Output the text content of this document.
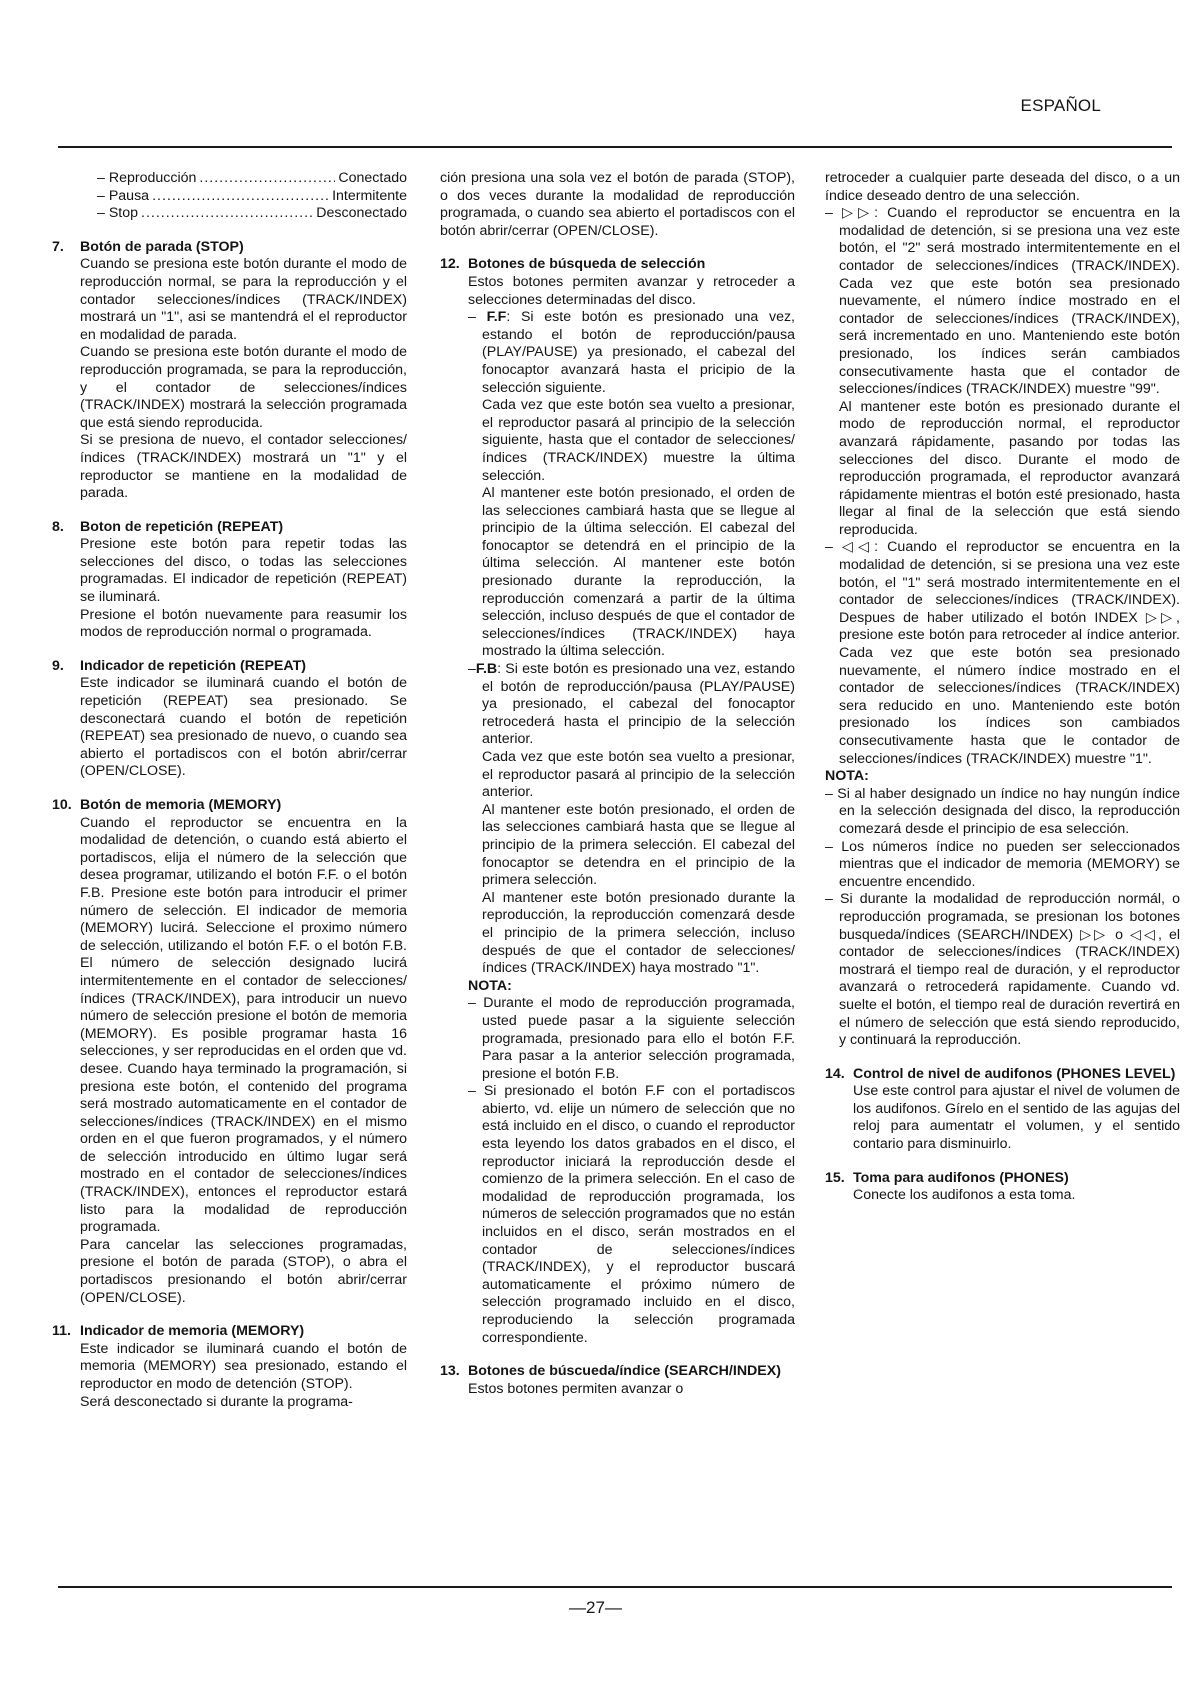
ESPAÑOL
– Reproducción .....	Conectado
– Pausa .....	Intermitente
– Stop .....	Desconectado
7. Botón de parada (STOP)

Cuando se presiona este botón durante el modo de reproducción normal, se para la reproducción y el contador selecciones/índices (TRACK/INDEX) mostrará un "1", asi se mantendrá el el reproductor en modalidad de parada.

Cuando se presiona este botón durante el modo de reproducción programada, se para la reproducción, y el contador de selecciones/índices (TRACK/INDEX) mostrará la selección programada que está siendo reproducida.

Si se presiona de nuevo, el contador selecciones/índices (TRACK/INDEX) mostrará un "1" y el reproductor se mantiene en la modalidad de parada.

8. Boton de repetición (REPEAT)

Presione este botón para repetir todas las selecciones del disco, o todas las selecciones programadas. El indicador de repetición (REPEAT) se iluminará.

Presione el botón nuevamente para reasumir los modos de reproducción normal o programada.

9. Indicador de repetición (REPEAT)

Este indicador se iluminará cuando el botón de repetición (REPEAT) sea presionado. Se desconectará cuando el botón de repetición (REPEAT) sea presionado de nuevo, o cuando sea abierto el portadiscos con el botón abrir/cerrar (OPEN/CLOSE).

10. Botón de memoria (MEMORY)

Cuando el reproductor se encuentra en la modalidad de detención, o cuando está abierto el portadiscos, elija el número de la selección que desea programar, utilizando el botón F.F. o el botón F.B. Presione este botón para introducir el primer número de selección. El indicador de memoria (MEMORY) lucirá. Seleccione el proximo número de selección, utilizando el botón F.F. o el botón F.B. El número de selección designado lucirá intermitentemente en el contador de selecciones/índices (TRACK/INDEX), para introducir un nuevo número de selección presione el botón de memoria (MEMORY). Es posible programar hasta 16 selecciones, y ser reproducidas en el orden que vd. desee. Cuando haya terminado la programación, si presiona este botón, el contenido del programa será mostrado automaticamente en el contador de selecciones/índices (TRACK/INDEX) en el mismo orden en el que fueron programados, y el número de selección introducido en último lugar será mostrado en el contador de selecciones/índices (TRACK/INDEX), entonces el reproductor estará listo para la modalidad de reproducción programada.

Para cancelar las selecciones programadas, presione el botón de parada (STOP), o abra el portadiscos presionando el botón abrir/cerrar (OPEN/CLOSE).

11. Indicador de memoria (MEMORY)

Este indicador se iluminará cuando el botón de memoria (MEMORY) sea presionado, estando el reproductor en modo de detención (STOP).

Será desconectado si durante la programa-

ción presiona una sola vez el botón de parada (STOP), o dos veces durante la modalidad de reproducción programada, o cuando sea abierto el portadiscos con el botón abrir/cerrar (OPEN/CLOSE).

12. Botones de búsqueda de selección

Estos botones permiten avanzar y retroceder a selecciones determinadas del disco.

– F.F: Si este botón es presionado una vez, estando el botón de reproducción/pausa (PLAY/PAUSE) ya presionado, el cabezal del fonocaptor avanzará hasta el pricipio de la selección siguiente.

Cada vez que este botón sea vuelto a presionar, el reproductor pasará al principio de la selección siguiente, hasta que el contador de selecciones/índices (TRACK/INDEX) muestre la última selección.

Al mantener este botón presionado, el orden de las selecciones cambiará hasta que se llegue al principio de la última selección. El cabezal del fonocaptor se detendrá en el principio de la última selección. Al mantener este botón presionado durante la reproducción, la reproducción comenzará a partir de la última selección, incluso después de que el contador de selecciones/índices (TRACK/INDEX) haya mostrado la última selección.

–F.B: Si este botón es presionado una vez, estando el botón de reproducción/pausa (PLAY/PAUSE) ya presionado, el cabezal del fonocaptor retrocederá hasta el principio de la selección anterior.

Cada vez que este botón sea vuelto a presionar, el reproductor pasará al principio de la selección anterior.

Al mantener este botón presionado, el orden de las selecciones cambiará hasta que se llegue al principio de la primera selección. El cabezal del fonocaptor se detendra en el principio de la primera selección.

Al mantener este botón presionado durante la reproducción, la reproducción comenzará desde el principio de la primera selección, incluso después de que el contador de selecciones/índices (TRACK/INDEX) haya mostrado "1".

NOTA:

– Durante el modo de reproducción programada, usted puede pasar a la siguiente selección programada, presionado para ello el botón F.F. Para pasar a la anterior selección programada, presione el botón F.B.

– Si presionado el botón F.F con el portadiscos abierto, vd. elije un número de selección que no está incluido en el disco, o cuando el reproductor esta leyendo los datos grabados en el disco, el reproductor iniciará la reproducción desde el comienzo de la primera selección. En el caso de modalidad de reproducción programada, los números de selección programados que no están incluidos en el disco, serán mostrados en el contador de selecciones/índices (TRACK/INDEX), y el reproductor buscará automaticamente el próximo número de selección programado incluido en el disco, reproduciendo la selección programada correspondiente.

13. Botones de búscueda/índice (SEARCH/INDEX)

Estos botones permiten avanzar o

retroceder a cualquier parte deseada del disco, o a un índice deseado dentro de una selección.

– ▷▷: Cuando el reproductor se encuentra en la modalidad de detención, si se presiona una vez este botón, el "2" será mostrado intermitentemente en el contador de selecciones/índices (TRACK/INDEX). Cada vez que este botón sea presionado nuevamente, el número índice mostrado en el contador de selecciones/índices (TRACK/INDEX), será incrementado en uno. Manteniendo este botón presionado, los índices serán cambiados consecutivamente hasta que el contador de selecciones/índices (TRACK/INDEX) muestre "99".

Al mantener este botón es presionado durante el modo de reproducción normal, el reproductor avanzará rápidamente, pasando por todas las selecciones del disco. Durante el modo de reproducción programada, el reproductor avanzará rápidamente mientras el botón esté presionado, hasta llegar al final de la selección que está siendo reproducida.

– ◁◁: Cuando el reproductor se encuentra en la modalidad de detención, si se presiona una vez este botón, el "1" será mostrado intermitentemente en el contador de selecciones/índices (TRACK/INDEX). Despues de haber utilizado el botón INDEX ▷▷, presione este botón para retroceder al índice anterior. Cada vez que este botón sea presionado nuevamente, el número índice mostrado en el contador de selecciones/índices (TRACK/INDEX) sera reducido en uno. Manteniendo este botón presionado los índices son cambiados consecutivamente hasta que le contador de selecciones/índices (TRACK/INDEX) muestre "1".

NOTA:

– Si al haber designado un índice no hay nungún índice en la selección designada del disco, la reproducción comezará desde el principio de esa selección.

– Los números índice no pueden ser seleccionados mientras que el indicador de memoria (MEMORY) se encuentre encendido.

– Si durante la modalidad de reproducción normál, o reproducción programada, se presionan los botones busqueda/índices (SEARCH/INDEX) ▷▷ o ◁◁, el contador de selecciones/índices (TRACK/INDEX) mostrará el tiempo real de duración, y el reproductor avanzará o retrocederá rapidamente. Cuando vd. suelte el botón, el tiempo real de duración revertirá en el número de selección que está siendo reproducido, y continuará la reproducción.

14. Control de nivel de audifonos (PHONES LEVEL)

Use este control para ajustar el nivel de volumen de los audifonos. Gírelo en el sentido de las agujas del reloj para aumentatr el volumen, y el sentido contario para disminuirlo.

15. Toma para audifonos (PHONES)

Conecte los audifonos a esta toma.

—27—
